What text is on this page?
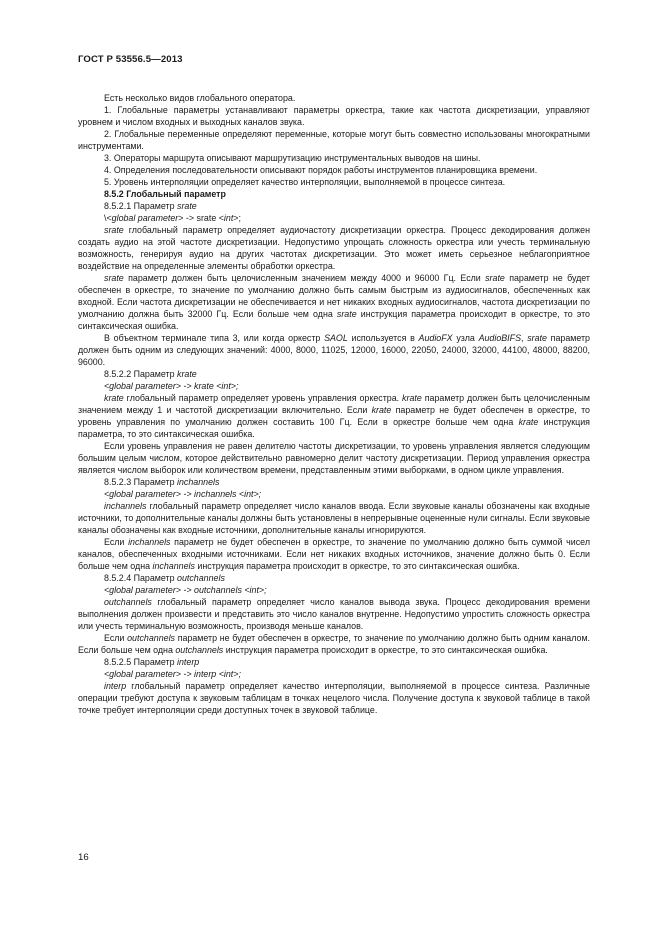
ГОСТ Р 53556.5—2013

Есть несколько видов глобального оператора.

1. Глобальные параметры устанавливают параметры оркестра, такие как частота дискретизации, управляют уровнем и числом входных и выходных каналов звука.

2. Глобальные переменные определяют переменные, которые могут быть совместно использованы многократными инструментами.

3. Операторы маршрута описывают маршрутизацию инструментальных выводов на шины.

4. Определения последовательности описывают порядок работы инструментов планировщика времени.

5. Уровень интерполяции определяет качество интерполяции, выполняемой в процессе синтеза.

8.5.2 Глобальный параметр

8.5.2.1 Параметр srate

\<global parameter> -> srate <int>;

srate глобальный параметр определяет аудиочастоту дискретизации оркестра. Процесс декодирования должен создать аудио на этой частоте дискретизации. Недопустимо упрощать сложность оркестра или учесть терминальную возможность, генерируя аудио на других частотах дискретизации. Это может иметь серьезное неблагоприятное воздействие на определенные элементы обработки оркестра.

srate параметр должен быть целочисленным значением между 4000 и 96000 Гц. Если srate параметр не будет обеспечен в оркестре, то значение по умолчанию должно быть самым быстрым из аудиосигналов, обеспеченных как входной. Если частота дискретизации не обеспечивается и нет никаких входных аудиосигналов, частота дискретизации по умолчанию должна быть 32000 Гц. Если больше чем одна srate инструкция параметра происходит в оркестре, то это синтаксическая ошибка.

В объектном терминале типа 3, или когда оркестр SAOL используется в AudioFX узла AudioBIFS, srate параметр должен быть одним из следующих значений: 4000, 8000, 11025, 12000, 16000, 22050, 24000, 32000, 44100, 48000, 88200, 96000.

8.5.2.2 Параметр krate

<global parameter> -> krate <int>;

krate глобальный параметр определяет уровень управления оркестра. krate параметр должен быть целочисленным значением между 1 и частотой дискретизации включительно. Если krate параметр не будет обеспечен в оркестре, то уровень управления по умолчанию должен составить 100 Гц. Если в оркестре больше чем одна krate инструкция параметра, то это синтаксическая ошибка.

Если уровень управления не равен делителю частоты дискретизации, то уровень управления является следующим большим целым числом, которое действительно равномерно делит частоту дискретизации. Период управления оркестра является числом выборок или количеством времени, представленным этими выборками, в одном цикле управления.

8.5.2.3 Параметр inchannels

<global parameter> -> inchannels <int>;

inchannels глобальный параметр определяет число каналов ввода. Если звуковые каналы обозначены как входные источники, то дополнительные каналы должны быть установлены в непрерывные оцененные нули сигналы. Если звуковые каналы обозначены как входные источники, дополнительные каналы игнорируются.

Если inchannels параметр не будет обеспечен в оркестре, то значение по умолчанию должно быть суммой чисел каналов, обеспеченных входными источниками. Если нет никаких входных источников, значение должно быть 0. Если больше чем одна inchannels инструкция параметра происходит в оркестре, то это синтаксическая ошибка.

8.5.2.4 Параметр outchannels

<global parameter> -> outchannels <int>;

outchannels глобальный параметр определяет число каналов вывода звука. Процесс декодирования времени выполнения должен произвести и представить это число каналов внутренне. Недопустимо упростить сложность оркестра или учесть терминальную возможность, производя меньше каналов.

Если outchannels параметр не будет обеспечен в оркестре, то значение по умолчанию должно быть одним каналом. Если больше чем одна outchannels инструкция параметра происходит в оркестре, то это синтаксическая ошибка.

8.5.2.5 Параметр interp

<global parameter> -> interp <int>;

interp глобальный параметр определяет качество интерполяции, выполняемой в процессе синтеза. Различные операции требуют доступа к звуковым таблицам в точках нецелого числа. Получение доступа к звуковой таблице в такой точке требует интерполяции среди доступных точек в звуковой таблице.

16
